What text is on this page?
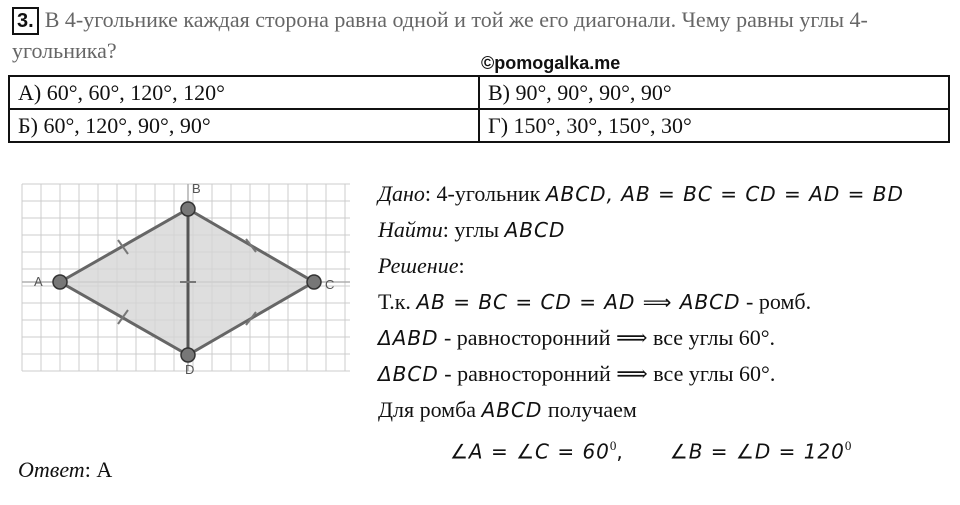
3. В 4-угольнике каждая сторона равна одной и той же его диагонали. Чему равны углы 4-угольника?	©pomogalka.me
А) 60°, 60°, 120°, 120°	В) 90°, 90°, 90°, 90°
Б) 60°, 120°, 90°, 90°	Г) 150°, 30°, 150°, 30°
A
B
C
D
Дано: 4-угольник ABCD, AB = BC = CD = AD = BD
Найти: углы ABCD
Решение:
Т.к. AB = BC = CD = AD ⟹ ABCD - ромб.
ΔABD - равносторонний ⟹ все углы 60°.
ΔBCD - равносторонний ⟹ все углы 60°.
Для ромба ABCD получаем
∠A = ∠C = $60^0$, ∠B = ∠D = $120^0$
Ответ: А
